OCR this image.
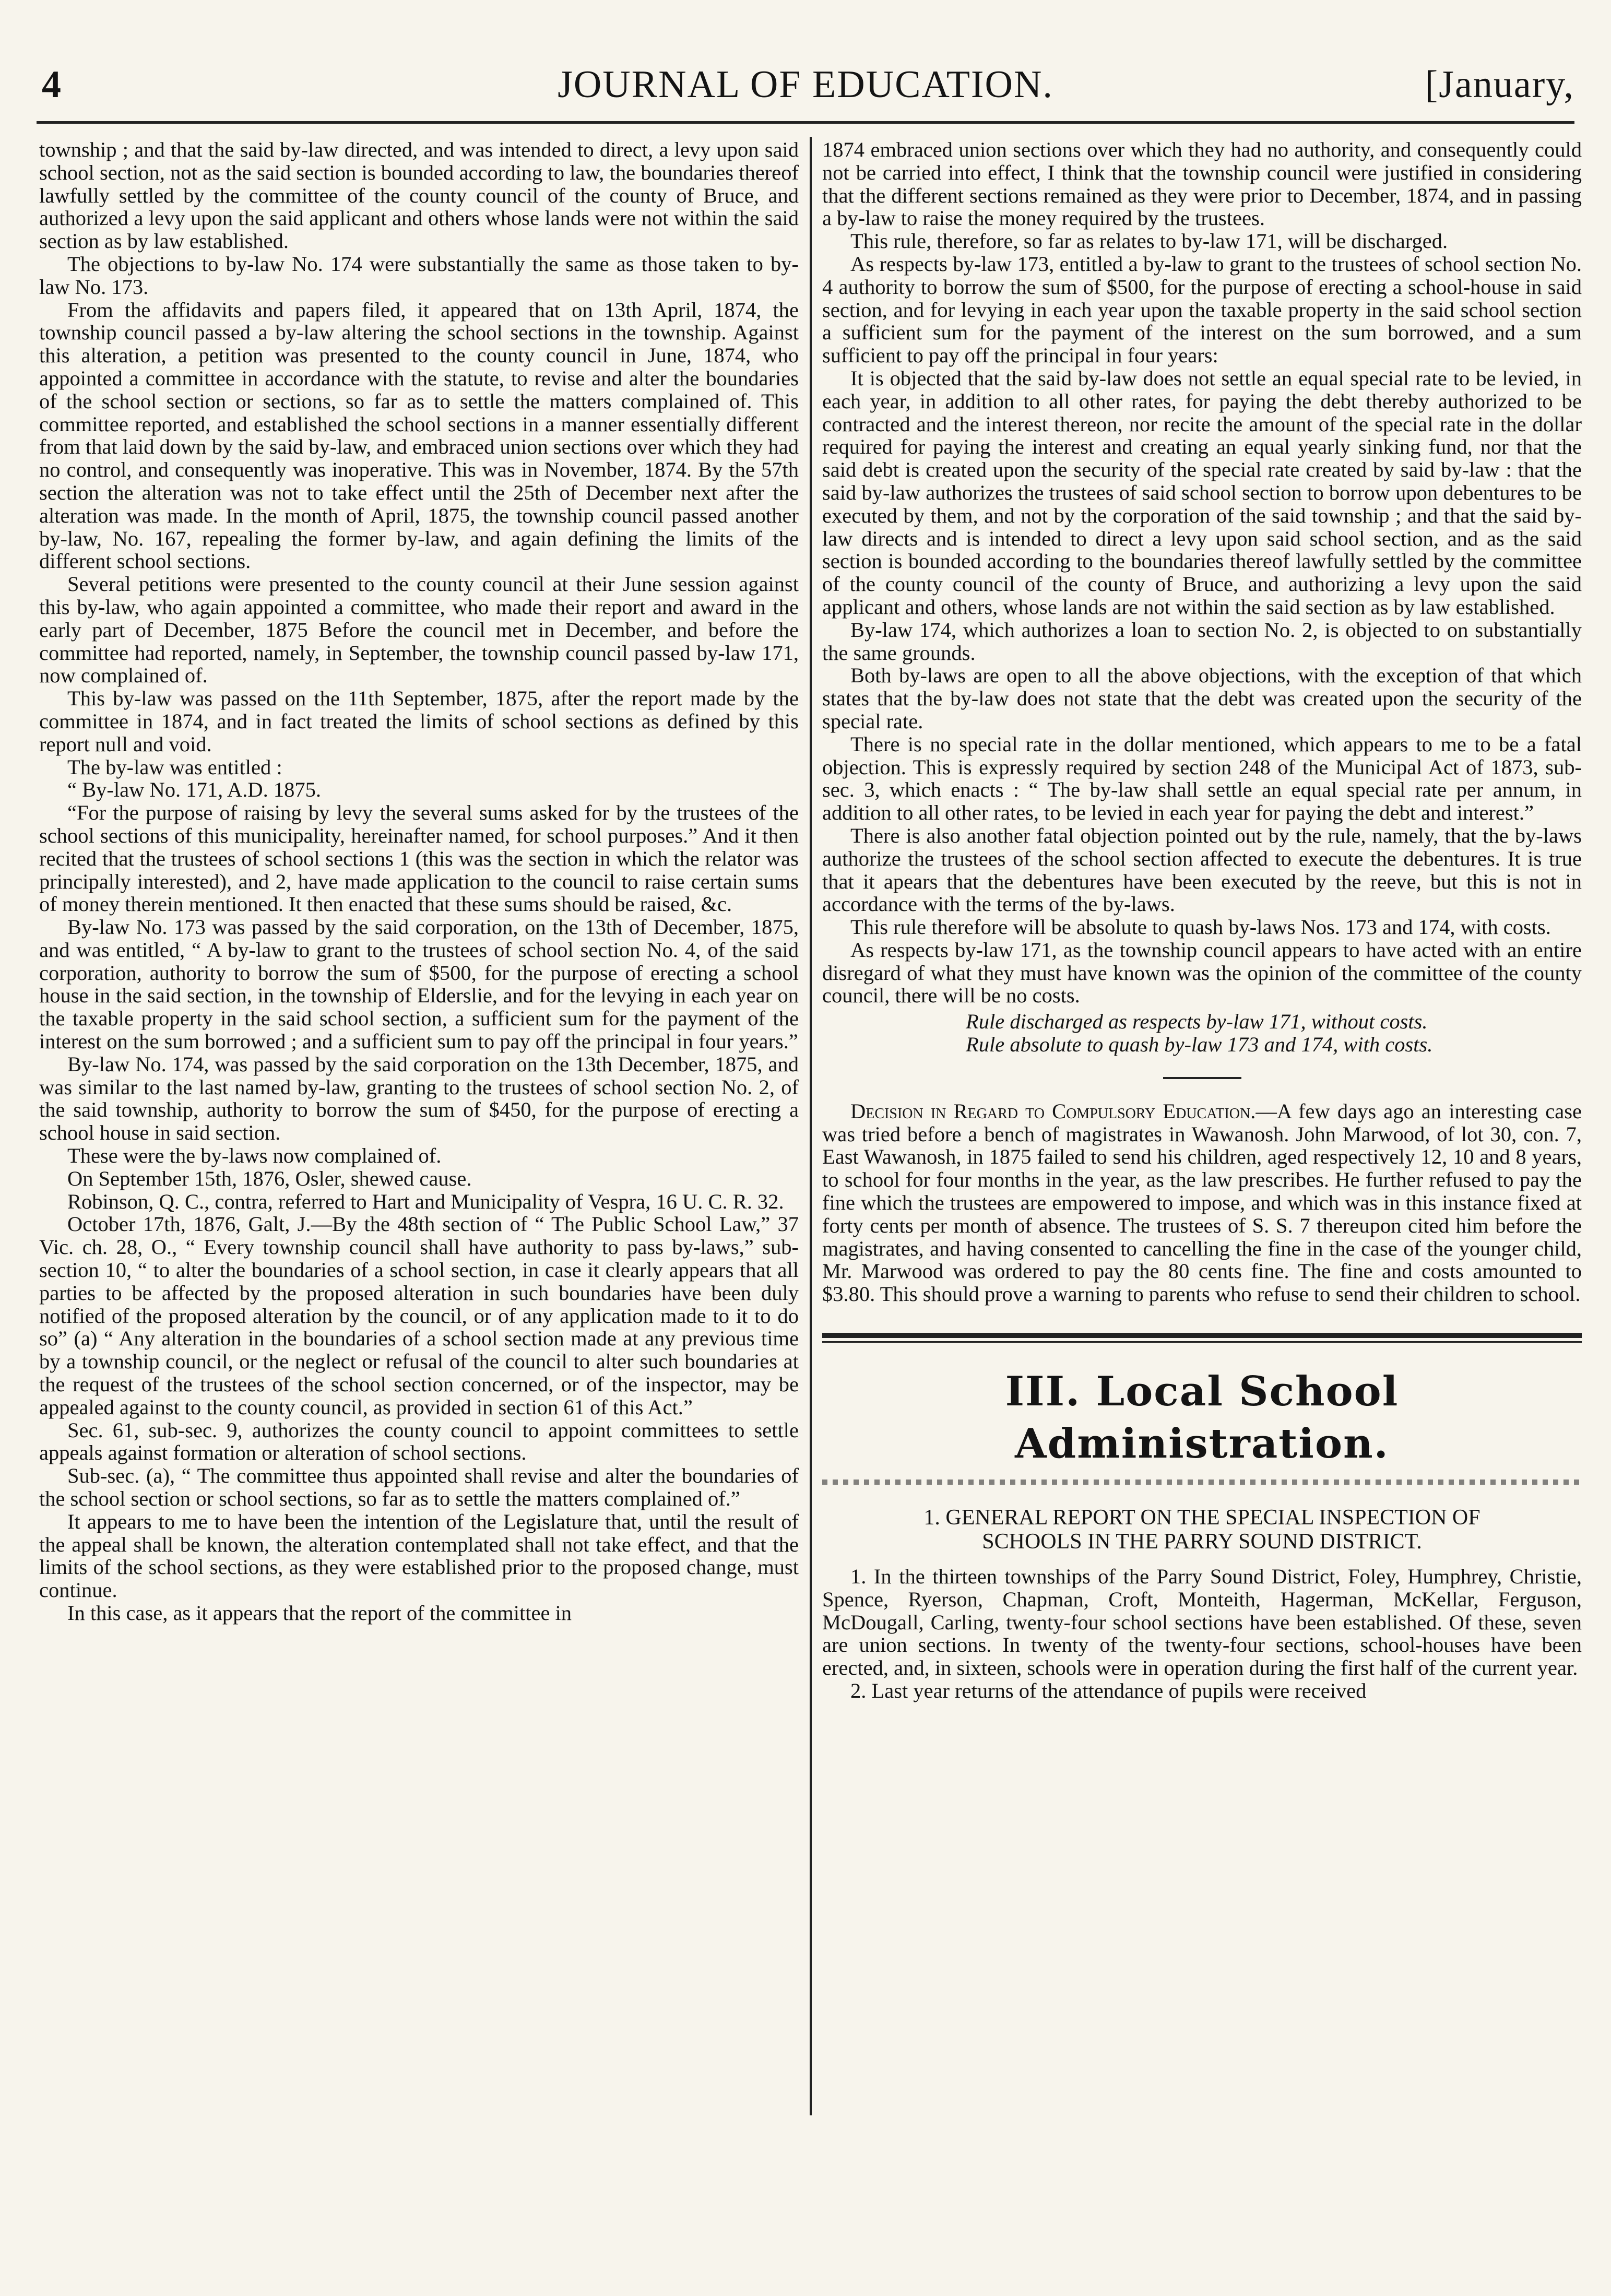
4	JOURNAL OF EDUCATION.	[January,

township ; and that the said by-law directed, and was intended to direct, a levy upon said school section, not as the said section is bounded according to law, the boundaries thereof lawfully settled by the committee of the county council of the county of Bruce, and authorized a levy upon the said applicant and others whose lands were not within the said section as by law established.

The objections to by-law No. 174 were substantially the same as those taken to by-law No. 173.

From the affidavits and papers filed, it appeared that on 13th April, 1874, the township council passed a by-law altering the school sections in the township. Against this alteration, a petition was presented to the county council in June, 1874, who appointed a committee in accordance with the statute, to revise and alter the boundaries of the school section or sections, so far as to settle the matters complained of. This committee reported, and established the school sections in a manner essentially different from that laid down by the said by-law, and embraced union sections over which they had no control, and consequently was inoperative. This was in November, 1874. By the 57th section the alteration was not to take effect until the 25th of December next after the alteration was made. In the month of April, 1875, the township council passed another by-law, No. 167, repealing the former by-law, and again defining the limits of the different school sections.

Several petitions were presented to the county council at their June session against this by-law, who again appointed a committee, who made their report and award in the early part of December, 1875 Before the council met in December, and before the committee had reported, namely, in September, the township council passed by-law 171, now complained of.

This by-law was passed on the 11th September, 1875, after the report made by the committee in 1874, and in fact treated the limits of school sections as defined by this report null and void.

The by-law was entitled :

“ By-law No. 171, A.D. 1875.

“For the purpose of raising by levy the several sums asked for by the trustees of the school sections of this municipality, hereinafter named, for school purposes.” And it then recited that the trustees of school sections 1 (this was the section in which the relator was principally interested), and 2, have made application to the council to raise certain sums of money therein mentioned. It then enacted that these sums should be raised, &c.

By-law No. 173 was passed by the said corporation, on the 13th of December, 1875, and was entitled, “ A by-law to grant to the trustees of school section No. 4, of the said corporation, authority to borrow the sum of $500, for the purpose of erecting a school house in the said section, in the township of Elderslie, and for the levying in each year on the taxable property in the said school section, a sufficient sum for the payment of the interest on the sum borrowed ; and a sufficient sum to pay off the principal in four years.”

By-law No. 174, was passed by the said corporation on the 13th December, 1875, and was similar to the last named by-law, granting to the trustees of school section No. 2, of the said township, authority to borrow the sum of $450, for the purpose of erecting a school house in said section.

These were the by-laws now complained of.

On September 15th, 1876, Osler, shewed cause.

Robinson, Q. C., contra, referred to Hart and Municipality of Vespra, 16 U. C. R. 32.

October 17th, 1876, Galt, J.—By the 48th section of “ The Public School Law,” 37 Vic. ch. 28, O., “ Every township council shall have authority to pass by-laws,” sub-section 10, “ to alter the boundaries of a school section, in case it clearly appears that all parties to be affected by the proposed alteration in such boundaries have been duly notified of the proposed alteration by the council, or of any application made to it to do so” (a) “ Any alteration in the boundaries of a school section made at any previous time by a township council, or the neglect or refusal of the council to alter such boundaries at the request of the trustees of the school section concerned, or of the inspector, may be appealed against to the county council, as provided in section 61 of this Act.”

Sec. 61, sub-sec. 9, authorizes the county council to appoint committees to settle appeals against formation or alteration of school sections.

Sub-sec. (a), “ The committee thus appointed shall revise and alter the boundaries of the school section or school sections, so far as to settle the matters complained of.”

It appears to me to have been the intention of the Legislature that, until the result of the appeal shall be known, the alteration contemplated shall not take effect, and that the limits of the school sections, as they were established prior to the proposed change, must continue.

In this case, as it appears that the report of the committee in

1874 embraced union sections over which they had no authority, and consequently could not be carried into effect, I think that the township council were justified in considering that the different sections remained as they were prior to December, 1874, and in passing a by-law to raise the money required by the trustees.

This rule, therefore, so far as relates to by-law 171, will be discharged.

As respects by-law 173, entitled a by-law to grant to the trustees of school section No. 4 authority to borrow the sum of $500, for the purpose of erecting a school-house in said section, and for levying in each year upon the taxable property in the said school section a sufficient sum for the payment of the interest on the sum borrowed, and a sum sufficient to pay off the principal in four years:

It is objected that the said by-law does not settle an equal special rate to be levied, in each year, in addition to all other rates, for paying the debt thereby authorized to be contracted and the interest thereon, nor recite the amount of the special rate in the dollar required for paying the interest and creating an equal yearly sinking fund, nor that the said debt is created upon the security of the special rate created by said by-law : that the said by-law authorizes the trustees of said school section to borrow upon debentures to be executed by them, and not by the corporation of the said township ; and that the said by-law directs and is intended to direct a levy upon said school section, and as the said section is bounded according to the boundaries thereof lawfully settled by the committee of the county council of the county of Bruce, and authorizing a levy upon the said applicant and others, whose lands are not within the said section as by law established.

By-law 174, which authorizes a loan to section No. 2, is objected to on substantially the same grounds.

Both by-laws are open to all the above objections, with the exception of that which states that the by-law does not state that the debt was created upon the security of the special rate.

There is no special rate in the dollar mentioned, which appears to me to be a fatal objection. This is expressly required by section 248 of the Municipal Act of 1873, sub-sec. 3, which enacts : “ The by-law shall settle an equal special rate per annum, in addition to all other rates, to be levied in each year for paying the debt and interest.”

There is also another fatal objection pointed out by the rule, namely, that the by-laws authorize the trustees of the school section affected to execute the debentures. It is true that it apears that the debentures have been executed by the reeve, but this is not in accordance with the terms of the by-laws.

This rule therefore will be absolute to quash by-laws Nos. 173 and 174, with costs.

As respects by-law 171, as the township council appears to have acted with an entire disregard of what they must have known was the opinion of the committee of the county council, there will be no costs.

Rule discharged as respects by-law 171, without costs.

Rule absolute to quash by-law 173 and 174, with costs.

Decision in Regard to Compulsory Education.—A few days ago an interesting case was tried before a bench of magistrates in Wawanosh. John Marwood, of lot 30, con. 7, East Wawanosh, in 1875 failed to send his children, aged respectively 12, 10 and 8 years, to school for four months in the year, as the law prescribes. He further refused to pay the fine which the trustees are empowered to impose, and which was in this instance fixed at forty cents per month of absence. The trustees of S. S. 7 thereupon cited him before the magistrates, and having consented to cancelling the fine in the case of the younger child, Mr. Marwood was ordered to pay the 80 cents fine. The fine and costs amounted to $3.80. This should prove a warning to parents who refuse to send their children to school.

III. Local School Administration.

1. GENERAL REPORT ON THE SPECIAL INSPECTION OF

SCHOOLS IN THE PARRY SOUND DISTRICT.

1. In the thirteen townships of the Parry Sound District, Foley, Humphrey, Christie, Spence, Ryerson, Chapman, Croft, Monteith, Hagerman, McKellar, Ferguson, McDougall, Carling, twenty-four school sections have been established. Of these, seven are union sections. In twenty of the twenty-four sections, school-houses have been erected, and, in sixteen, schools were in operation during the first half of the current year.

2. Last year returns of the attendance of pupils were received
